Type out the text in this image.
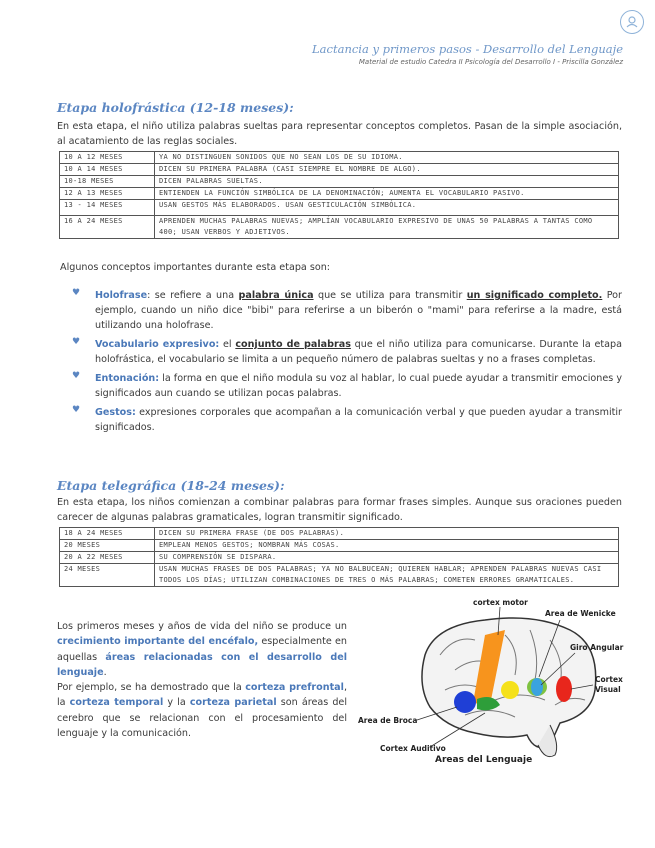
Lactancia y primeros pasos - Desarrollo del Lenguaje
Material de estudio Catedra II Psicología del Desarrollo I - Priscilla González
Etapa holofrástica (12-18 meses):
En esta etapa, el niño utiliza palabras sueltas para representar conceptos completos. Pasan de la simple asociación, al acatamiento de las reglas sociales.
10 A 12 MESES	YA NO DISTINGUEN SONIDOS QUE NO SEAN LOS DE SU IDIOMA.
10 A 14 MESES	DICEN SU PRIMERA PALABRA (CASI SIEMPRE EL NOMBRE DE ALGO).
10-18 MESES	DICEN PALABRAS SUELTAS.
12 A 13 MESES	ENTIENDEN LA FUNCIÓN SIMBÓLICA DE LA DENOMINACIÓN; AUMENTA EL VOCABULARIO PASIVO.
13 - 14 MESES	USAN GESTOS MÁS ELABORADOS. USAN GESTICULACIÓN SIMBÓLICA.
16 A 24 MESES	APRENDEN MUCHAS PALABRAS NUEVAS; AMPLÍAN VOCABULARIO EXPRESIVO DE UNAS 50 PALABRAS A TANTAS COMO 400; USAN VERBOS Y ADJETIVOS.
Algunos conceptos importantes durante esta etapa son:
♥ Holofrase: se refiere a una palabra única que se utiliza para transmitir un significado completo. Por ejemplo, cuando un niño dice "bibi" para referirse a un biberón o "mami" para referirse a la madre, está utilizando una holofrase.
♥ Vocabulario expresivo: el conjunto de palabras que el niño utiliza para comunicarse. Durante la etapa holofrástica, el vocabulario se limita a un pequeño número de palabras sueltas y no a frases completas.
♥ Entonación: la forma en que el niño modula su voz al hablar, lo cual puede ayudar a transmitir emociones y significados aun cuando se utilizan pocas palabras.
♥ Gestos: expresiones corporales que acompañan a la comunicación verbal y que pueden ayudar a transmitir significados.
Etapa telegráfica (18-24 meses):
En esta etapa, los niños comienzan a combinar palabras para formar frases simples. Aunque sus oraciones pueden carecer de algunas palabras gramaticales, logran transmitir significado.
18 A 24 MESES	DICEN SU PRIMERA FRASE (DE DOS PALABRAS).
20 MESES	EMPLEAN MENOS GESTOS; NOMBRAN MÁS COSAS.
20 A 22 MESES	SU COMPRENSIÓN SE DISPARA.
24 MESES	USAN MUCHAS FRASES DE DOS PALABRAS; YA NO BALBUCEAN; QUIEREN HABLAR; APRENDEN PALABRAS NUEVAS CASI TODOS LOS DÍAS; UTILIZAN COMBINACIONES DE TRES O MÁS PALABRAS; COMETEN ERRORES GRAMATICALES.
Los primeros meses y años de vida del niño se produce un crecimiento importante del encéfalo, especialmente en aquellas áreas relacionadas con el desarrollo del lenguaje.
Por ejemplo, se ha demostrado que la corteza prefrontal, la corteza temporal y la corteza parietal son áreas del cerebro que se relacionan con el procesamiento del lenguaje y la comunicación.
cortex motor
Area de Wenicke
Giro Angular
Cortex
Visual
Area de Broca
Cortex Auditivo
Areas del Lenguaje
